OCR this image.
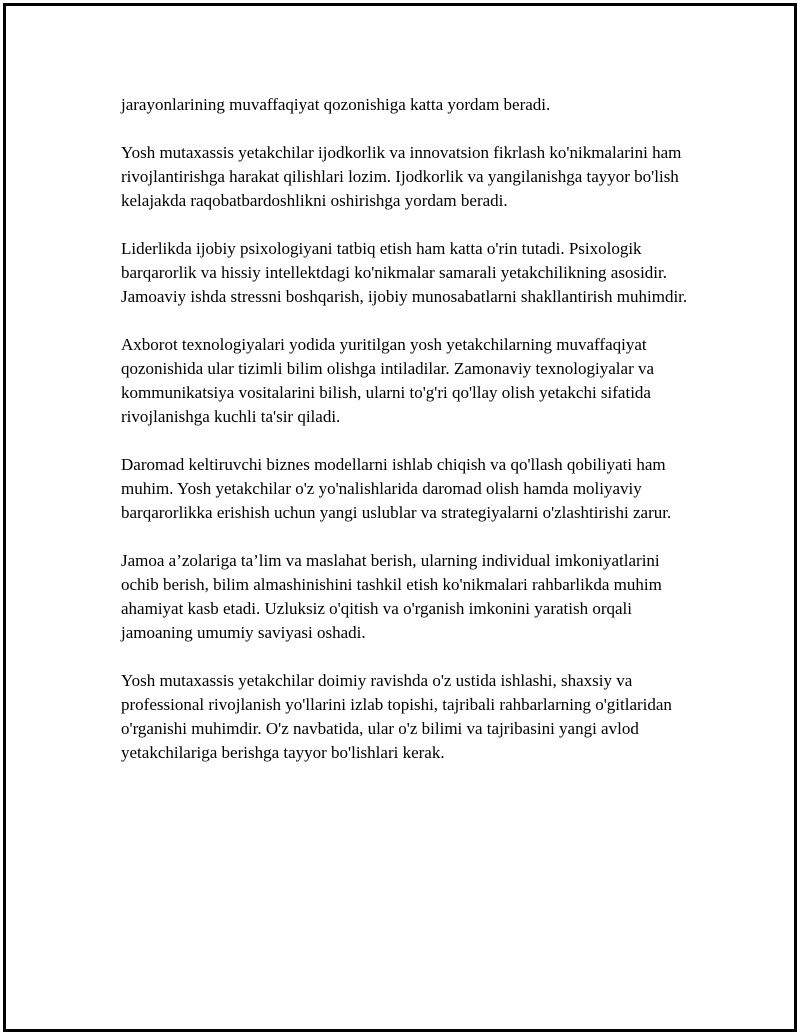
jarayonlarining muvaffaqiyat qozonishiga katta yordam beradi.

Yosh mutaxassis yetakchilar ijodkorlik va innovatsion fikrlash ko'nikmalarini ham rivojlantirishga harakat qilishlari lozim. Ijodkorlik va yangilanishga tayyor bo'lish kelajakda raqobatbardoshlikni oshirishga yordam beradi.

Liderlikda ijobiy psixologiyani tatbiq etish ham katta o'rin tutadi. Psixologik barqarorlik va hissiy intellektdagi ko'nikmalar samarali yetakchilikning asosidir. Jamoaviy ishda stressni boshqarish, ijobiy munosabatlarni shakllantirish muhimdir.

Axborot texnologiyalari yodida yuritilgan yosh yetakchilarning muvaffaqiyat qozonishida ular tizimli bilim olishga intiladilar. Zamonaviy texnologiyalar va kommunikatsiya vositalarini bilish, ularni to'g'ri qo'llay olish yetakchi sifatida rivojlanishga kuchli ta'sir qiladi.

Daromad keltiruvchi biznes modellarni ishlab chiqish va qo'llash qobiliyati ham muhim. Yosh yetakchilar o'z yo'nalishlarida daromad olish hamda moliyaviy barqarorlikka erishish uchun yangi uslublar va strategiyalarni o'zlashtirishi zarur.

Jamoa a’zolariga ta’lim va maslahat berish, ularning individual imkoniyatlarini ochib berish, bilim almashinishini tashkil etish ko'nikmalari rahbarlikda muhim ahamiyat kasb etadi. Uzluksiz o'qitish va o'rganish imkonini yaratish orqali jamoaning umumiy saviyasi oshadi.

Yosh mutaxassis yetakchilar doimiy ravishda o'z ustida ishlashi, shaxsiy va professional rivojlanish yo'llarini izlab topishi, tajribali rahbarlarning o'gitlaridan o'rganishi muhimdir. O'z navbatida, ular o'z bilimi va tajribasini yangi avlod yetakchilariga berishga tayyor bo'lishlari kerak.
